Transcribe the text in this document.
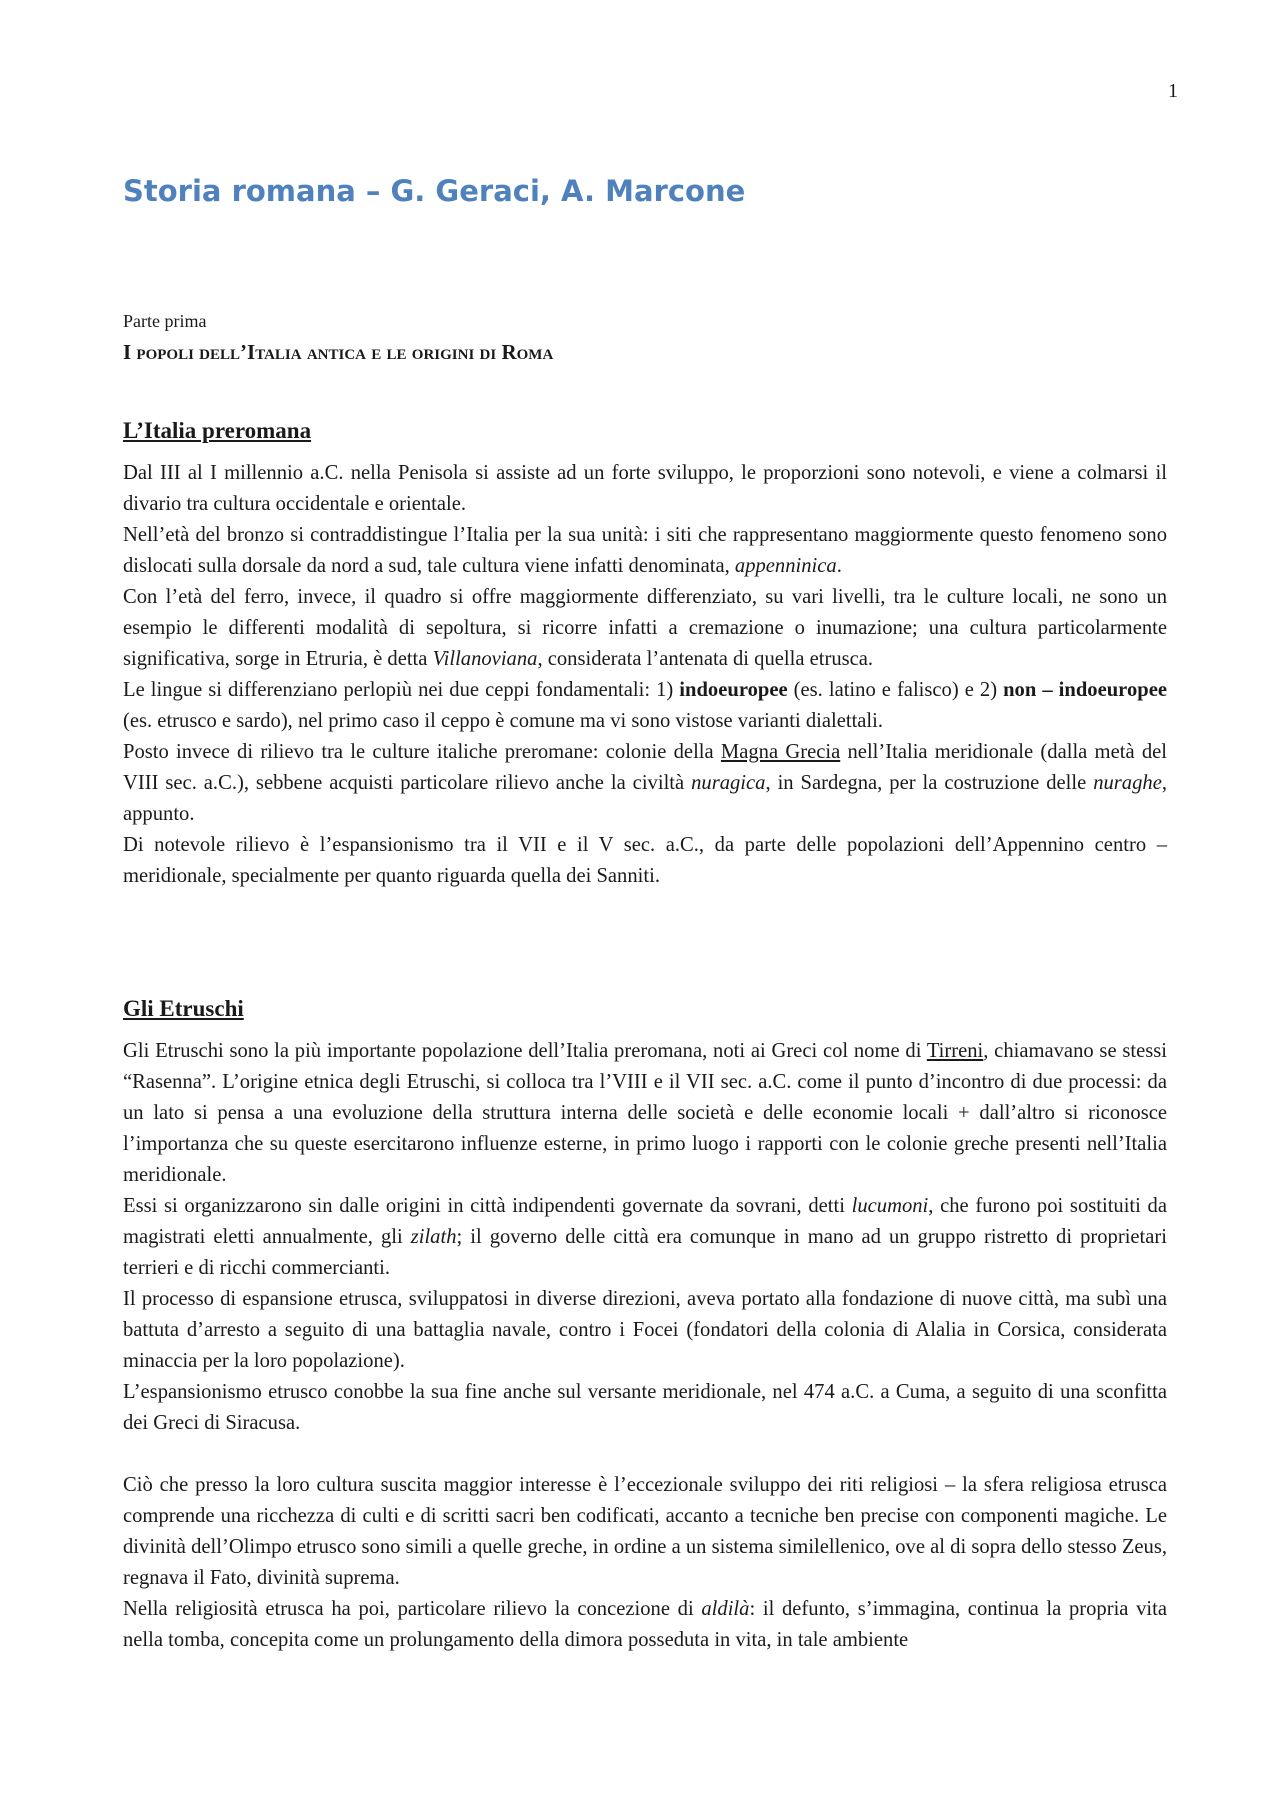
1
Storia romana – G. Geraci, A. Marcone
Parte prima
I popoli dell’Italia antica e le origini di Roma
L’Italia preromana

Dal III al I millennio a.C. nella Penisola si assiste ad un forte sviluppo, le proporzioni sono notevoli, e viene a colmarsi il divario tra cultura occidentale e orientale.

Nell’età del bronzo si contraddistingue l’Italia per la sua unità: i siti che rappresentano maggiormente questo fenomeno sono dislocati sulla dorsale da nord a sud, tale cultura viene infatti denominata, appenninica.

Con l’età del ferro, invece, il quadro si offre maggiormente differenziato, su vari livelli, tra le culture locali, ne sono un esempio le differenti modalità di sepoltura, si ricorre infatti a cremazione o inumazione; una cultura particolarmente significativa, sorge in Etruria, è detta Villanoviana, considerata l’antenata di quella etrusca.

Le lingue si differenziano perlopiù nei due ceppi fondamentali: 1) indoeuropee (es. latino e falisco) e 2) non – indoeuropee (es. etrusco e sardo), nel primo caso il ceppo è comune ma vi sono vistose varianti dialettali.

Posto invece di rilievo tra le culture italiche preromane: colonie della Magna Grecia nell’Italia meridionale (dalla metà del VIII sec. a.C.), sebbene acquisti particolare rilievo anche la civiltà nuragica, in Sardegna, per la costruzione delle nuraghe, appunto.

Di notevole rilievo è l’espansionismo tra il VII e il V sec. a.C., da parte delle popolazioni dell’Appennino centro – meridionale, specialmente per quanto riguarda quella dei Sanniti.

Gli Etruschi

Gli Etruschi sono la più importante popolazione dell’Italia preromana, noti ai Greci col nome di Tirreni, chiamavano se stessi “Rasenna”. L’origine etnica degli Etruschi, si colloca tra l’VIII e il VII sec. a.C. come il punto d’incontro di due processi: da un lato si pensa a una evoluzione della struttura interna delle società e delle economie locali + dall’altro si riconosce l’importanza che su queste esercitarono influenze esterne, in primo luogo i rapporti con le colonie greche presenti nell’Italia meridionale.

Essi si organizzarono sin dalle origini in città indipendenti governate da sovrani, detti lucumoni, che furono poi sostituiti da magistrati eletti annualmente, gli zilath; il governo delle città era comunque in mano ad un gruppo ristretto di proprietari terrieri e di ricchi commercianti.

Il processo di espansione etrusca, sviluppatosi in diverse direzioni, aveva portato alla fondazione di nuove città, ma subì una battuta d’arresto a seguito di una battaglia navale, contro i Focei (fondatori della colonia di Alalia in Corsica, considerata minaccia per la loro popolazione).

L’espansionismo etrusco conobbe la sua fine anche sul versante meridionale, nel 474 a.C. a Cuma, a seguito di una sconfitta dei Greci di Siracusa.

Ciò che presso la loro cultura suscita maggior interesse è l’eccezionale sviluppo dei riti religiosi – la sfera religiosa etrusca comprende una ricchezza di culti e di scritti sacri ben codificati, accanto a tecniche ben precise con componenti magiche. Le divinità dell’Olimpo etrusco sono simili a quelle greche, in ordine a un sistema similellenico, ove al di sopra dello stesso Zeus, regnava il Fato, divinità suprema.

Nella religiosità etrusca ha poi, particolare rilievo la concezione di aldilà: il defunto, s’immagina, continua la propria vita nella tomba, concepita come un prolungamento della dimora posseduta in vita, in tale ambiente
